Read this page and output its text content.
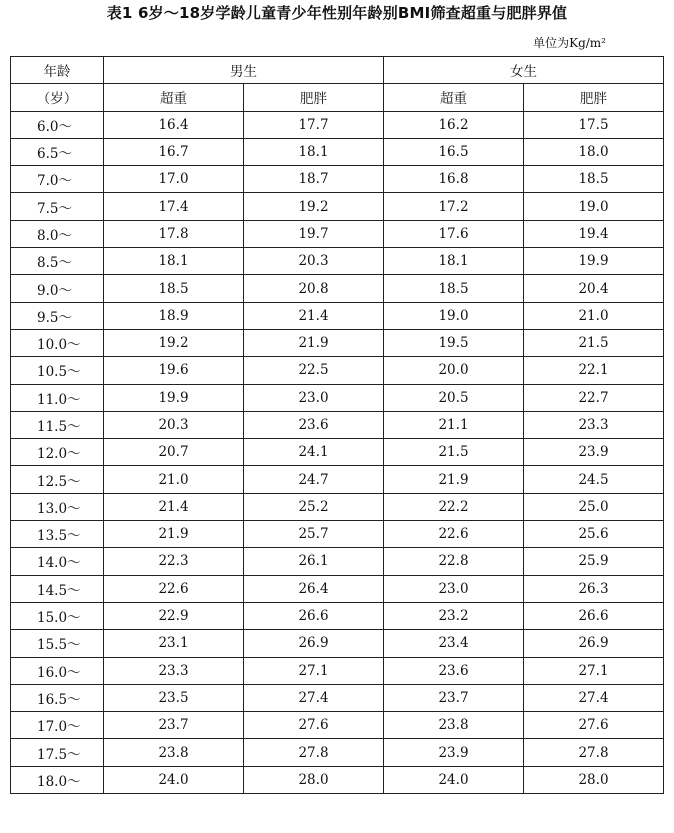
表1 6岁～18岁学龄儿童青少年性别年龄别BMI筛查超重与肥胖界值
单位为Kg/m²
年龄	男生		女生	
（岁）	超重	肥胖	超重	肥胖
6.0～	16.4	17.7	16.2	17.5
6.5～	16.7	18.1	16.5	18.0
7.0～	17.0	18.7	16.8	18.5
7.5～	17.4	19.2	17.2	19.0
8.0～	17.8	19.7	17.6	19.4
8.5～	18.1	20.3	18.1	19.9
9.0～	18.5	20.8	18.5	20.4
9.5～	18.9	21.4	19.0	21.0
10.0～	19.2	21.9	19.5	21.5
10.5～	19.6	22.5	20.0	22.1
11.0～	19.9	23.0	20.5	22.7
11.5～	20.3	23.6	21.1	23.3
12.0～	20.7	24.1	21.5	23.9
12.5～	21.0	24.7	21.9	24.5
13.0～	21.4	25.2	22.2	25.0
13.5～	21.9	25.7	22.6	25.6
14.0～	22.3	26.1	22.8	25.9
14.5～	22.6	26.4	23.0	26.3
15.0～	22.9	26.6	23.2	26.6
15.5～	23.1	26.9	23.4	26.9
16.0～	23.3	27.1	23.6	27.1
16.5～	23.5	27.4	23.7	27.4
17.0～	23.7	27.6	23.8	27.6
17.5～	23.8	27.8	23.9	27.8
18.0～	24.0	28.0	24.0	28.0
